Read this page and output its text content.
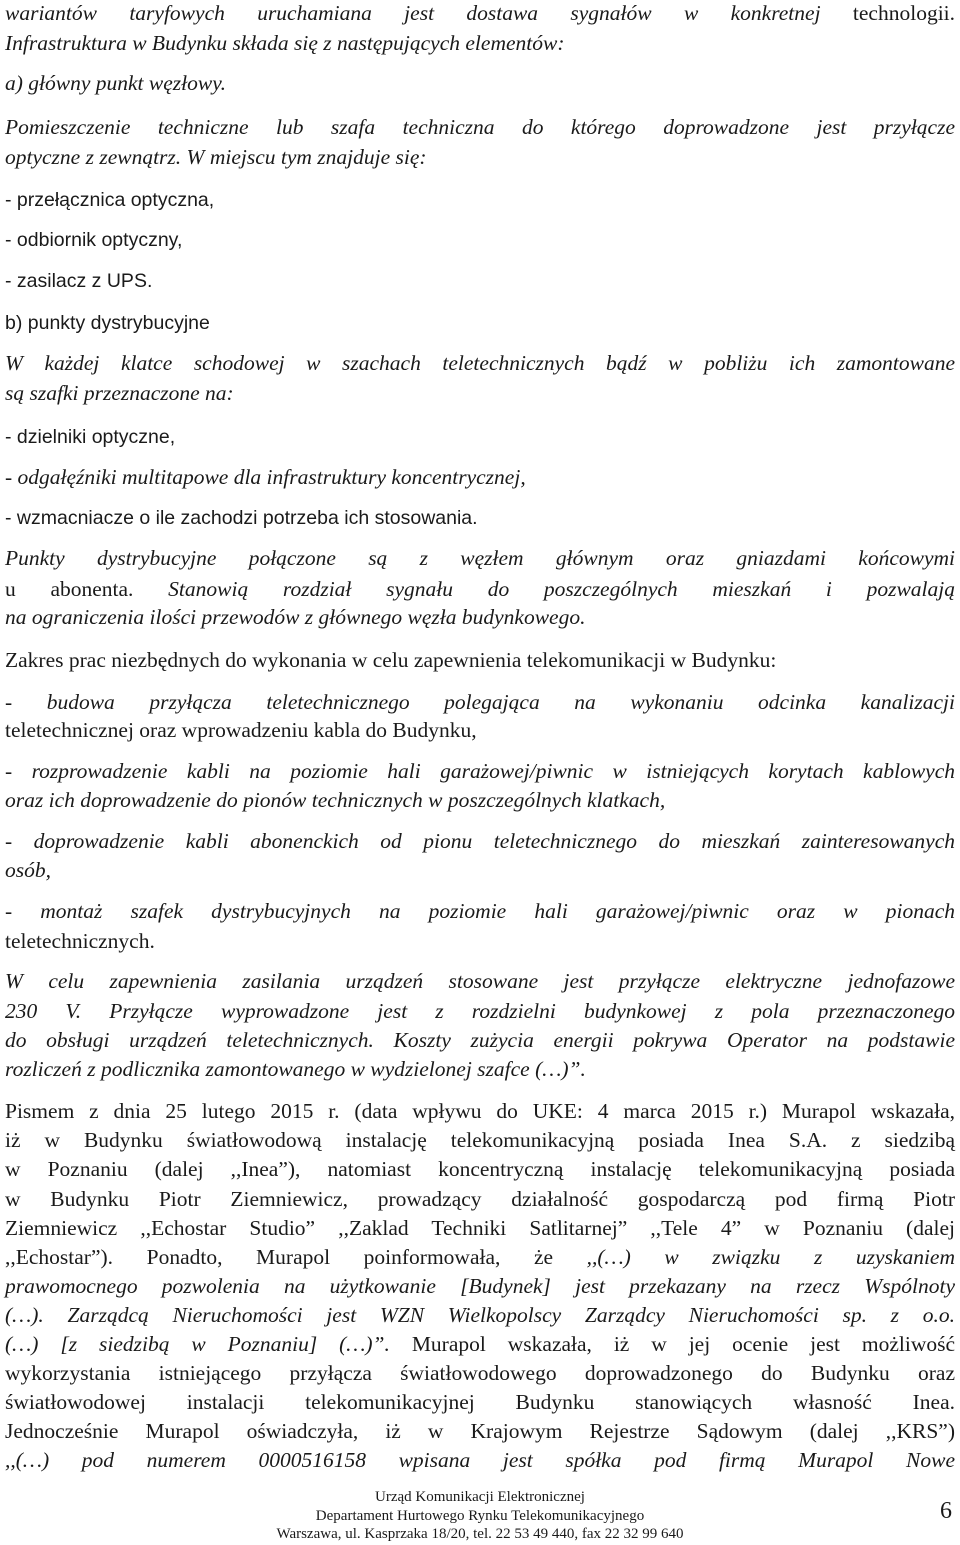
wariantów taryfowych uruchamiana jest dostawa sygnałów w konkretnej technologii.
Infrastruktura w Budynku składa się z następujących elementów:
a) główny punkt węzłowy.
Pomieszczenie techniczne lub szafa techniczna do którego doprowadzone jest przyłącze
optyczne z zewnątrz. W miejscu tym znajduje się:
- przełącznica optyczna,
- odbiornik optyczny,
- zasilacz z UPS.
b) punkty dystrybucyjne
W każdej klatce schodowej w szachach teletechnicznych bądź w pobliżu ich zamontowane
są szafki przeznaczone na:
- dzielniki optyczne,
- odgałęźniki multitapowe dla infrastruktury koncentrycznej,
- wzmacniacze o ile zachodzi potrzeba ich stosowania.
Punkty dystrybucyjne połączone są z węzłem głównym oraz gniazdami końcowymi
u abonenta. Stanowią rozdział sygnału do poszczególnych mieszkań i pozwalają
na ograniczenia ilości przewodów z głównego węzła budynkowego.
Zakres prac niezbędnych do wykonania w celu zapewnienia telekomunikacji w Budynku:
- budowa przyłącza teletechnicznego polegająca na wykonaniu odcinka kanalizacji
teletechnicznej oraz wprowadzeniu kabla do Budynku,
- rozprowadzenie kabli na poziomie hali garażowej/piwnic w istniejących korytach kablowych
oraz ich doprowadzenie do pionów technicznych w poszczególnych klatkach,
- doprowadzenie kabli abonenckich od pionu teletechnicznego do mieszkań zainteresowanych
osób,
- montaż szafek dystrybucyjnych na poziomie hali garażowej/piwnic oraz w pionach
teletechnicznych.
W celu zapewnienia zasilania urządzeń stosowane jest przyłącze elektryczne jednofazowe
230 V. Przyłącze wyprowadzone jest z rozdzielni budynkowej z pola przeznaczonego
do obsługi urządzeń teletechnicznych. Koszty zużycia energii pokrywa Operator na podstawie
rozliczeń z podlicznika zamontowanego w wydzielonej szafce (…)”.
Pismem z dnia 25 lutego 2015 r. (data wpływu do UKE: 4 marca 2015 r.) Murapol wskazała,
iż w Budynku światłowodową instalację telekomunikacyjną posiada Inea S.A. z siedzibą
w Poznaniu (dalej ,,Inea”), natomiast koncentryczną instalację telekomunikacyjną posiada
w Budynku Piotr Ziemniewicz, prowadzący działalność gospodarczą pod firmą Piotr
Ziemniewicz ,,Echostar Studio” ,,Zaklad Techniki Satlitarnej” ,,Tele 4” w Poznaniu (dalej
,,Echostar”). Ponadto, Murapol poinformowała, że ,,(…) w związku z uzyskaniem
prawomocnego pozwolenia na użytkowanie [Budynek] jest przekazany na rzecz Wspólnoty
(…). Zarządcą Nieruchomości jest WZN Wielkopolscy Zarządcy Nieruchomości sp. z o.o.
(…) [z siedzibą w Poznaniu] (…)”. Murapol wskazała, iż w jej ocenie jest możliwość
wykorzystania istniejącego przyłącza światłowodowego doprowadzonego do Budynku oraz
światłowodowej instalacji telekomunikacyjnej Budynku stanowiących własność Inea.
Jednocześnie Murapol oświadczyła, iż w Krajowym Rejestrze Sądowym (dalej ,,KRS”)
,,(…) pod numerem 0000516158 wpisana jest spółka pod firmą Murapol Nowe
Urząd Komunikacji Elektronicznej
Departament Hurtowego Rynku Telekomunikacyjnego
Warszawa, ul. Kasprzaka 18/20, tel. 22 53 49 440, fax 22 32 99 640
6
